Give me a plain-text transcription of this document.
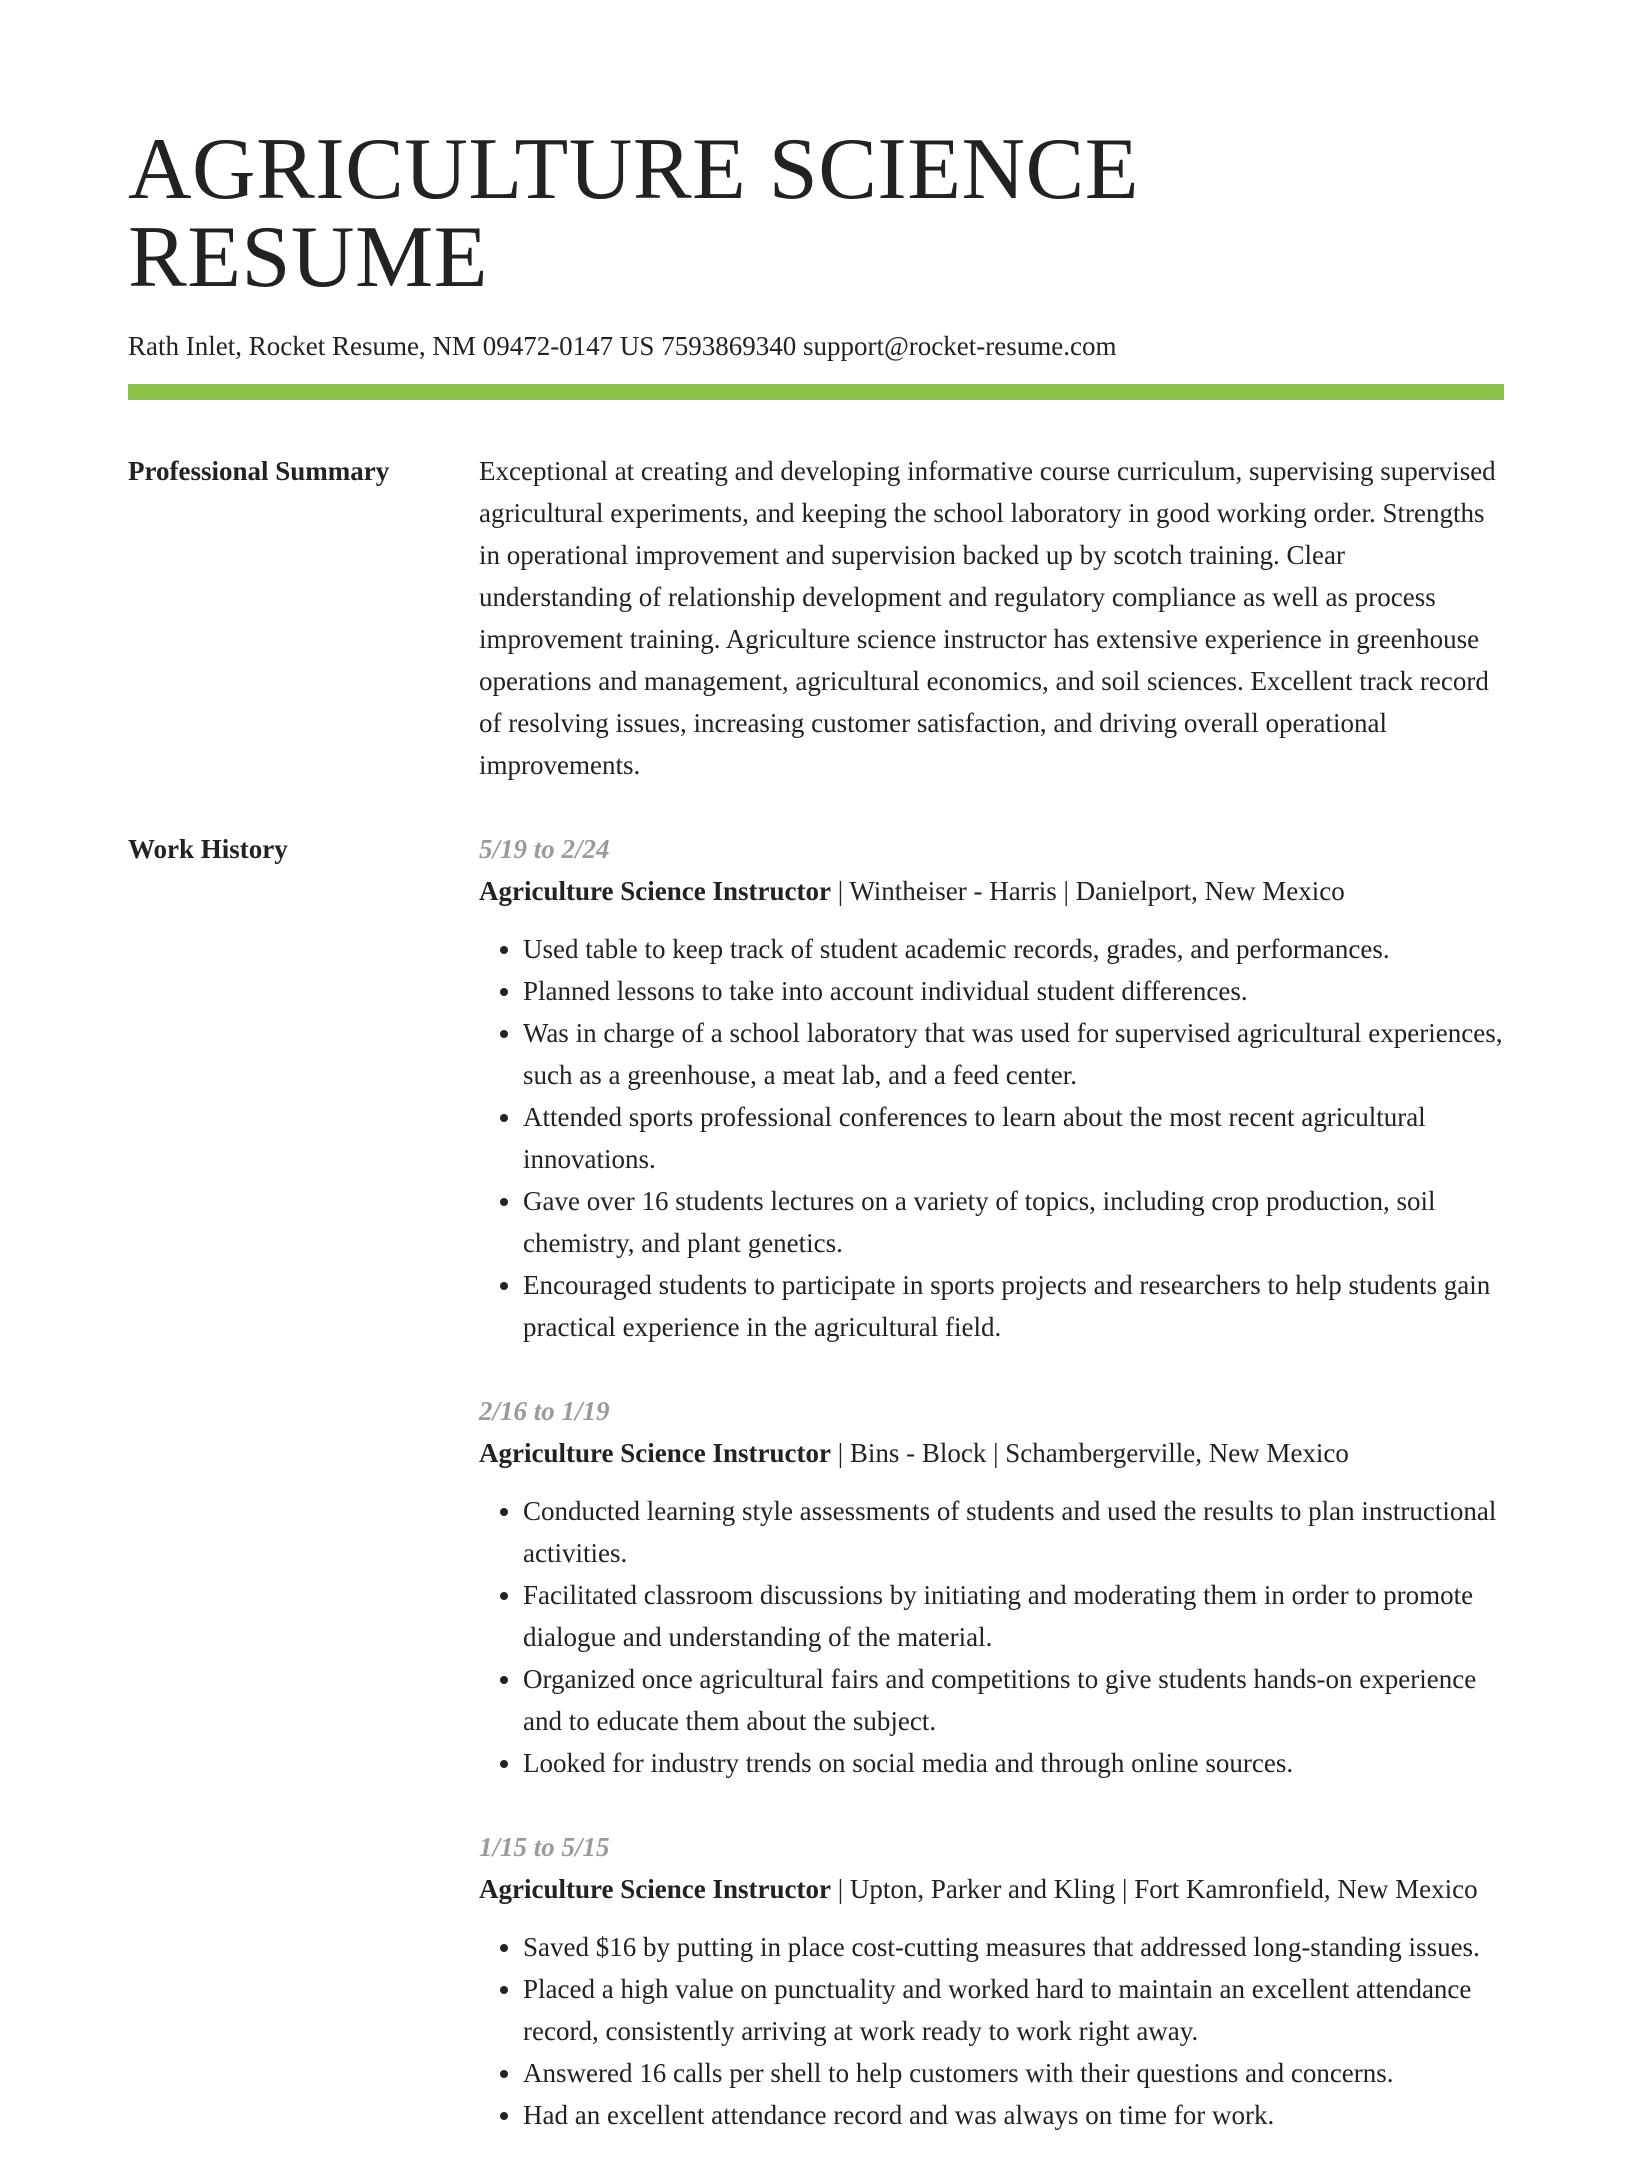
AGRICULTURE SCIENCE RESUME
Rath Inlet, Rocket Resume, NM 09472-0147 US 7593869340 support@rocket-resume.com
Professional Summary	Exceptional at creating and developing informative course curriculum, supervising supervised agricultural experiments, and keeping the school laboratory in good working order. Strengths in operational improvement and supervision backed up by scotch training. Clear understanding of relationship development and regulatory compliance as well as process improvement training. Agriculture science instructor has extensive experience in greenhouse operations and management, agricultural economics, and soil sciences. Excellent track record of resolving issues, increasing customer satisfaction, and driving overall operational improvements.

Work History	5/19 to 2/24
Agriculture Science Instructor | Wintheiser - Harris | Danielport, New Mexico
• Used table to keep track of student academic records, grades, and performances.
• Planned lessons to take into account individual student differences.
• Was in charge of a school laboratory that was used for supervised agricultural experiences, such as a greenhouse, a meat lab, and a feed center.
• Attended sports professional conferences to learn about the most recent agricultural innovations.
• Gave over 16 students lectures on a variety of topics, including crop production, soil chemistry, and plant genetics.
• Encouraged students to participate in sports projects and researchers to help students gain practical experience in the agricultural field.
2/16 to 1/19
Agriculture Science Instructor | Bins - Block | Schambergerville, New Mexico
• Conducted learning style assessments of students and used the results to plan instructional activities.
• Facilitated classroom discussions by initiating and moderating them in order to promote dialogue and understanding of the material.
• Organized once agricultural fairs and competitions to give students hands-on experience and to educate them about the subject.
• Looked for industry trends on social media and through online sources.
1/15 to 5/15
Agriculture Science Instructor | Upton, Parker and Kling | Fort Kamronfield, New Mexico
• Saved $16 by putting in place cost-cutting measures that addressed long-standing issues.
• Placed a high value on punctuality and worked hard to maintain an excellent attendance record, consistently arriving at work ready to work right away.
• Answered 16 calls per shell to help customers with their questions and concerns.
• Had an excellent attendance record and was always on time for work.
